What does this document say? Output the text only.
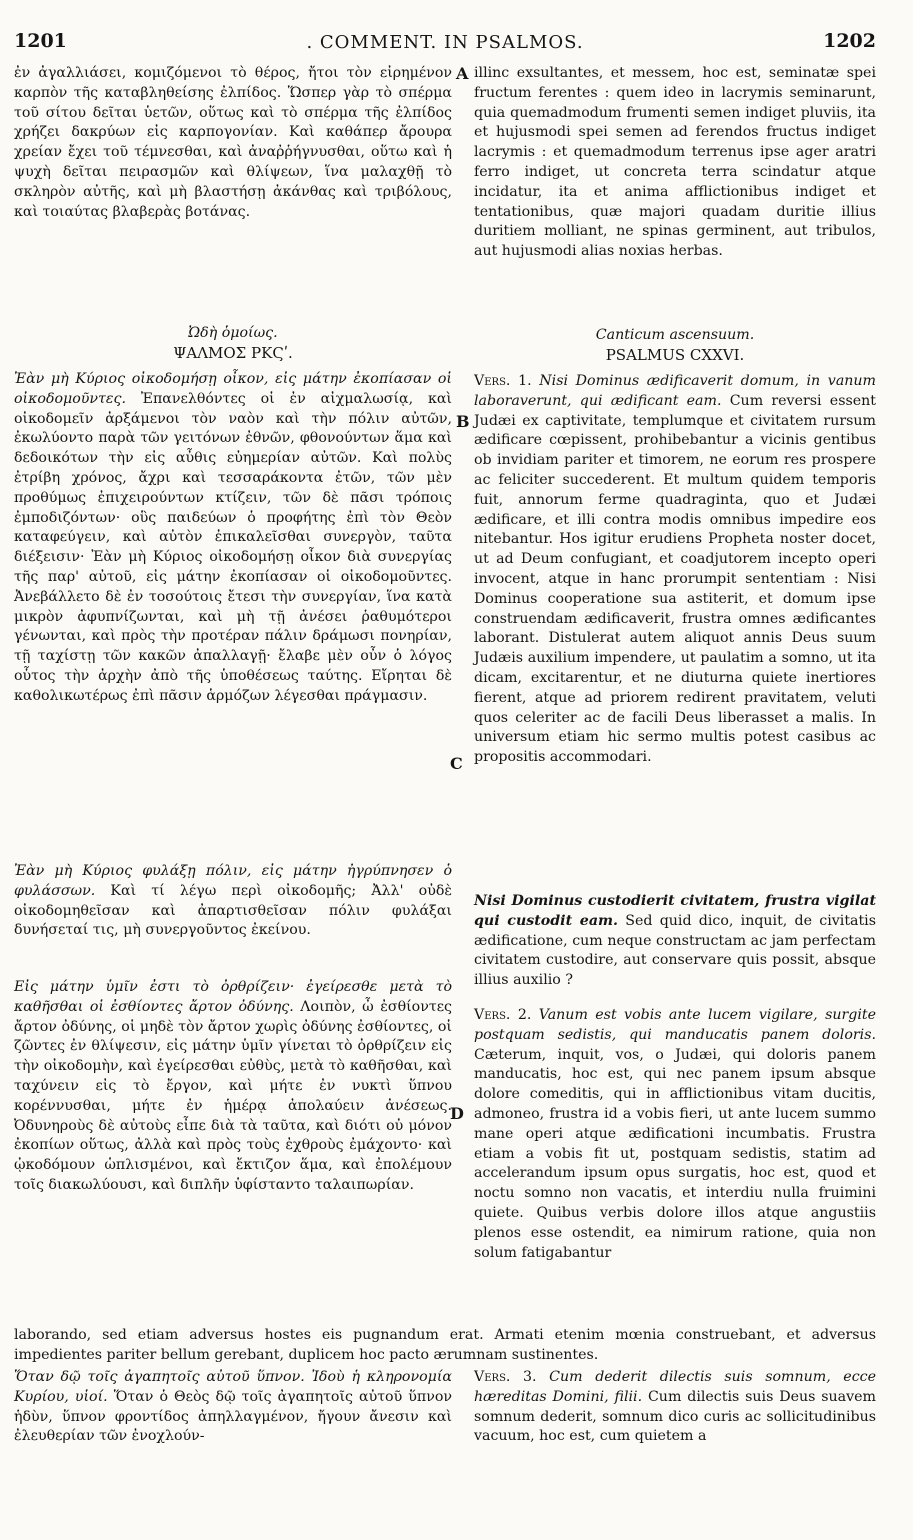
1201	. COMMENT. IN PSALMOS.	1202
A
B
C
D

ἐν ἀγαλλιάσει, κομιζόμενοι τὸ θέρος, ἤτοι τὸν εἰρημένον καρπὸν τῆς καταβληθείσης ἐλπίδος. Ὥσπερ γὰρ τὸ σπέρμα τοῦ σίτου δεῖται ὑετῶν, οὕτως καὶ τὸ σπέρμα τῆς ἐλπίδος χρήζει δακρύων εἰς καρπογονίαν. Καὶ καθάπερ ἄρουρα χρείαν ἔχει τοῦ τέμνεσθαι, καὶ ἀναῤῥήγνυσθαι, οὕτω καὶ ἡ ψυχὴ δεῖται πειρασμῶν καὶ θλίψεων, ἵνα μαλαχθῇ τὸ σκληρὸν αὐτῆς, καὶ μὴ βλαστήσῃ ἀκάνθας καὶ τριβόλους, καὶ τοιαύτας βλαβερὰς βοτάνας.

Ὠδὴ ὁμοίως.

ΨΑΛΜΟΣ ΡΚϚʹ.

Ἐὰν μὴ Κύριος οἰκοδομήσῃ οἶκον, εἰς μάτην ἐκοπίασαν οἱ οἰκοδομοῦντες. Ἐπανελθόντες οἱ ἐν αἰχμαλωσίᾳ, καὶ οἰκοδομεῖν ἀρξάμενοι τὸν ναὸν καὶ τὴν πόλιν αὐτῶν, ἐκωλύοντο παρὰ τῶν γειτόνων ἐθνῶν, φθονούντων ἅμα καὶ δεδοικότων τὴν εἰς αὖθις εὐημερίαν αὐτῶν. Καὶ πολὺς ἐτρίβη χρόνος, ἄχρι καὶ τεσσαράκοντα ἐτῶν, τῶν μὲν προθύμως ἐπιχειρούντων κτίζειν, τῶν δὲ πᾶσι τρόποις ἐμποδιζόντων· οὓς παιδεύων ὁ προφήτης ἐπὶ τὸν Θεὸν καταφεύγειν, καὶ αὐτὸν ἐπικαλεῖσθαι συνεργὸν, ταῦτα διέξεισιν· Ἐὰν μὴ Κύριος οἰκοδομήσῃ οἶκον διὰ συνεργίας τῆς παρ' αὐτοῦ, εἰς μάτην ἐκοπίασαν οἱ οἰκοδομοῦντες. Ἀνεβάλλετο δὲ ἐν τοσούτοις ἔτεσι τὴν συνεργίαν, ἵνα κατὰ μικρὸν ἀφυπνίζωνται, καὶ μὴ τῇ ἀνέσει ῥαθυμότεροι γένωνται, καὶ πρὸς τὴν προτέραν πάλιν δράμωσι πονηρίαν, τῇ ταχίστῃ τῶν κακῶν ἀπαλλαγῇ· ἔλαβε μὲν οὖν ὁ λόγος οὗτος τὴν ἀρχὴν ἀπὸ τῆς ὑποθέσεως ταύτης. Εἴρηται δὲ καθολικωτέρως ἐπὶ πᾶσιν ἁρμόζων λέγεσθαι πράγμασιν.

Ἐὰν μὴ Κύριος φυλάξῃ πόλιν, εἰς μάτην ἠγρύπνησεν ὁ φυλάσσων. Καὶ τί λέγω περὶ οἰκοδομῆς; Ἀλλ' οὐδὲ οἰκοδομηθεῖσαν καὶ ἀπαρτισθεῖσαν πόλιν φυλάξαι δυνήσεταί τις, μὴ συνεργοῦντος ἐκείνου.

Εἰς μάτην ὑμῖν ἐστι τὸ ὀρθρίζειν· ἐγείρεσθε μετὰ τὸ καθῆσθαι οἱ ἐσθίοντες ἄρτον ὀδύνης. Λοιπὸν, ὦ ἐσθίοντες ἄρτον ὀδύνης, οἱ μηδὲ τὸν ἄρτον χωρὶς ὀδύνης ἐσθίοντες, οἱ ζῶντες ἐν θλίψεσιν, εἰς μάτην ὑμῖν γίνεται τὸ ὀρθρίζειν εἰς τὴν οἰκοδομὴν, καὶ ἐγείρεσθαι εὐθὺς, μετὰ τὸ καθῆσθαι, καὶ ταχύνειν εἰς τὸ ἔργον, καὶ μήτε ἐν νυκτὶ ὕπνου κορέννυσθαι, μήτε ἐν ἡμέρᾳ ἀπολαύειν ἀνέσεως. Ὀδυνηροὺς δὲ αὐτοὺς εἶπε διὰ τὰ ταῦτα, καὶ διότι οὐ μόνον ἐκοπίων οὕτως, ἀλλὰ καὶ πρὸς τοὺς ἐχθροὺς ἐμάχοντο· καὶ ᾠκοδόμουν ὡπλισμένοι, καὶ ἔκτιζον ἅμα, καὶ ἐπολέμουν τοῖς διακωλύουσι, καὶ διπλῆν ὑφίσταντο ταλαιπωρίαν.

illinc exsultantes, et messem, hoc est, seminatæ spei fructum ferentes : quem ideo in lacrymis seminarunt, quia quemadmodum frumenti semen indiget pluviis, ita et hujusmodi spei semen ad ferendos fructus indiget lacrymis : et quemadmodum terrenus ipse ager aratri ferro indiget, ut concreta terra scindatur atque incidatur, ita et anima afflictionibus indiget et tentationibus, quæ majori quadam duritie illius duritiem molliant, ne spinas germinent, aut tribulos, aut hujusmodi alias noxias herbas.

Canticum ascensuum.

PSALMUS CXXVI.

Vers. 1. Nisi Dominus ædificaverit domum, in vanum laboraverunt, qui ædificant eam. Cum reversi essent Judæi ex captivitate, templumque et civitatem rursum ædificare cœpissent, prohibebantur a vicinis gentibus ob invidiam pariter et timorem, ne eorum res prospere ac feliciter succederent. Et multum quidem temporis fuit, annorum ferme quadraginta, quo et Judæi ædificare, et illi contra modis omnibus impedire eos nitebantur. Hos igitur erudiens Propheta noster docet, ut ad Deum confugiant, et coadjutorem incepto operi invocent, atque in hanc prorumpit sententiam : Nisi Dominus cooperatione sua astiterit, et domum ipse construendam ædificaverit, frustra omnes ædificantes laborant. Distulerat autem aliquot annis Deus suum Judæis auxilium impendere, ut paulatim a somno, ut ita dicam, excitarentur, et ne diuturna quiete inertiores fierent, atque ad priorem redirent pravitatem, veluti quos celeriter ac de facili Deus liberasset a malis. In universum etiam hic sermo multis potest casibus ac propositis accommodari.

Nisi Dominus custodierit civitatem, frustra vigilat qui custodit eam. Sed quid dico, inquit, de civitatis ædificatione, cum neque constructam ac jam perfectam civitatem custodire, aut conservare quis possit, absque illius auxilio ?

Vers. 2. Vanum est vobis ante lucem vigilare, surgite postquam sedistis, qui manducatis panem doloris. Cæterum, inquit, vos, o Judæi, qui doloris panem manducatis, hoc est, qui nec panem ipsum absque dolore comeditis, qui in afflictionibus vitam ducitis, admoneo, frustra id a vobis fieri, ut ante lucem summo mane operi atque ædificationi incumbatis. Frustra etiam a vobis fit ut, postquam sedistis, statim ad accelerandum ipsum opus surgatis, hoc est, quod et noctu somno non vacatis, et interdiu nulla fruimini quiete. Quibus verbis dolore illos atque angustiis plenos esse ostendit, ea nimirum ratione, quia non solum fatigabantur

laborando, sed etiam adversus hostes eis pugnandum erat. Armati etenim mœnia construebant, et adversus impedientes pariter bellum gerebant, duplicem hoc pacto ærumnam sustinentes.

Ὅταν δῷ τοῖς ἀγαπητοῖς αὐτοῦ ὕπνον. Ἰδοὺ ἡ κληρονομία Κυρίου, υἱοί. Ὅταν ὁ Θεὸς δῷ τοῖς ἀγαπητοῖς αὐτοῦ ὕπνον ἡδὺν, ὕπνον φροντίδος ἀπηλλαγμένον, ἤγουν ἄνεσιν καὶ ἐλευθερίαν τῶν ἐνοχλούν-

Vers. 3. Cum dederit dilectis suis somnum, ecce hæreditas Domini, filii. Cum dilectis suis Deus suavem somnum dederit, somnum dico curis ac sollicitudinibus vacuum, hoc est, cum quietem a
